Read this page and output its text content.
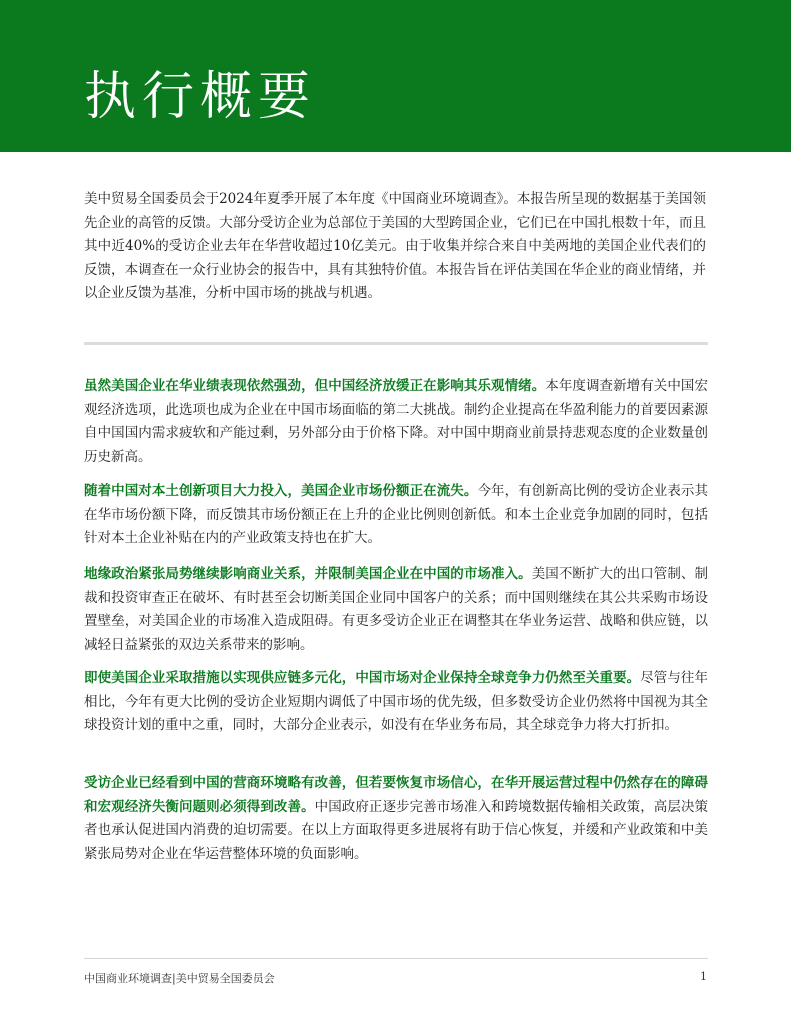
执行概要

美中贸易全国委员会于2024年夏季开展了本年度《中国商业环境调查》。本报告所呈现的数据基于美国领先企业的高管的反馈。大部分受访企业为总部位于美国的大型跨国企业，它们已在中国扎根数十年，而且其中近40%的受访企业去年在华营收超过10亿美元。由于收集并综合来自中美两地的美国企业代表们的反馈，本调查在一众行业协会的报告中，具有其独特价值。本报告旨在评估美国在华企业的商业情绪，并以企业反馈为基准，分析中国市场的挑战与机遇。

虽然美国企业在华业绩表现依然强劲，但中国经济放缓正在影响其乐观情绪。本年度调查新增有关中国宏观经济选项，此选项也成为企业在中国市场面临的第二大挑战。制约企业提高在华盈利能力的首要因素源自中国国内需求疲软和产能过剩，另外部分由于价格下降。对中国中期商业前景持悲观态度的企业数量创历史新高。

随着中国对本土创新项目大力投入，美国企业市场份额正在流失。今年，有创新高比例的受访企业表示其在华市场份额下降，而反馈其市场份额正在上升的企业比例则创新低。和本土企业竞争加剧的同时，包括针对本土企业补贴在内的产业政策支持也在扩大。

地缘政治紧张局势继续影响商业关系，并限制美国企业在中国的市场准入。美国不断扩大的出口管制、制裁和投资审查正在破坏、有时甚至会切断美国企业同中国客户的关系；而中国则继续在其公共采购市场设置壁垒，对美国企业的市场准入造成阻碍。有更多受访企业正在调整其在华业务运营、战略和供应链，以减轻日益紧张的双边关系带来的影响。

即使美国企业采取措施以实现供应链多元化，中国市场对企业保持全球竞争力仍然至关重要。尽管与往年相比，今年有更大比例的受访企业短期内调低了中国市场的优先级，但多数受访企业仍然将中国视为其全球投资计划的重中之重，同时，大部分企业表示，如没有在华业务布局，其全球竞争力将大打折扣。

受访企业已经看到中国的营商环境略有改善，但若要恢复市场信心，在华开展运营过程中仍然存在的障碍和宏观经济失衡问题则必须得到改善。中国政府正逐步完善市场准入和跨境数据传输相关政策，高层决策者也承认促进国内消费的迫切需要。在以上方面取得更多进展将有助于信心恢复，并缓和产业政策和中美紧张局势对企业在华运营整体环境的负面影响。

中国商业环境调查|美中贸易全国委员会	1
